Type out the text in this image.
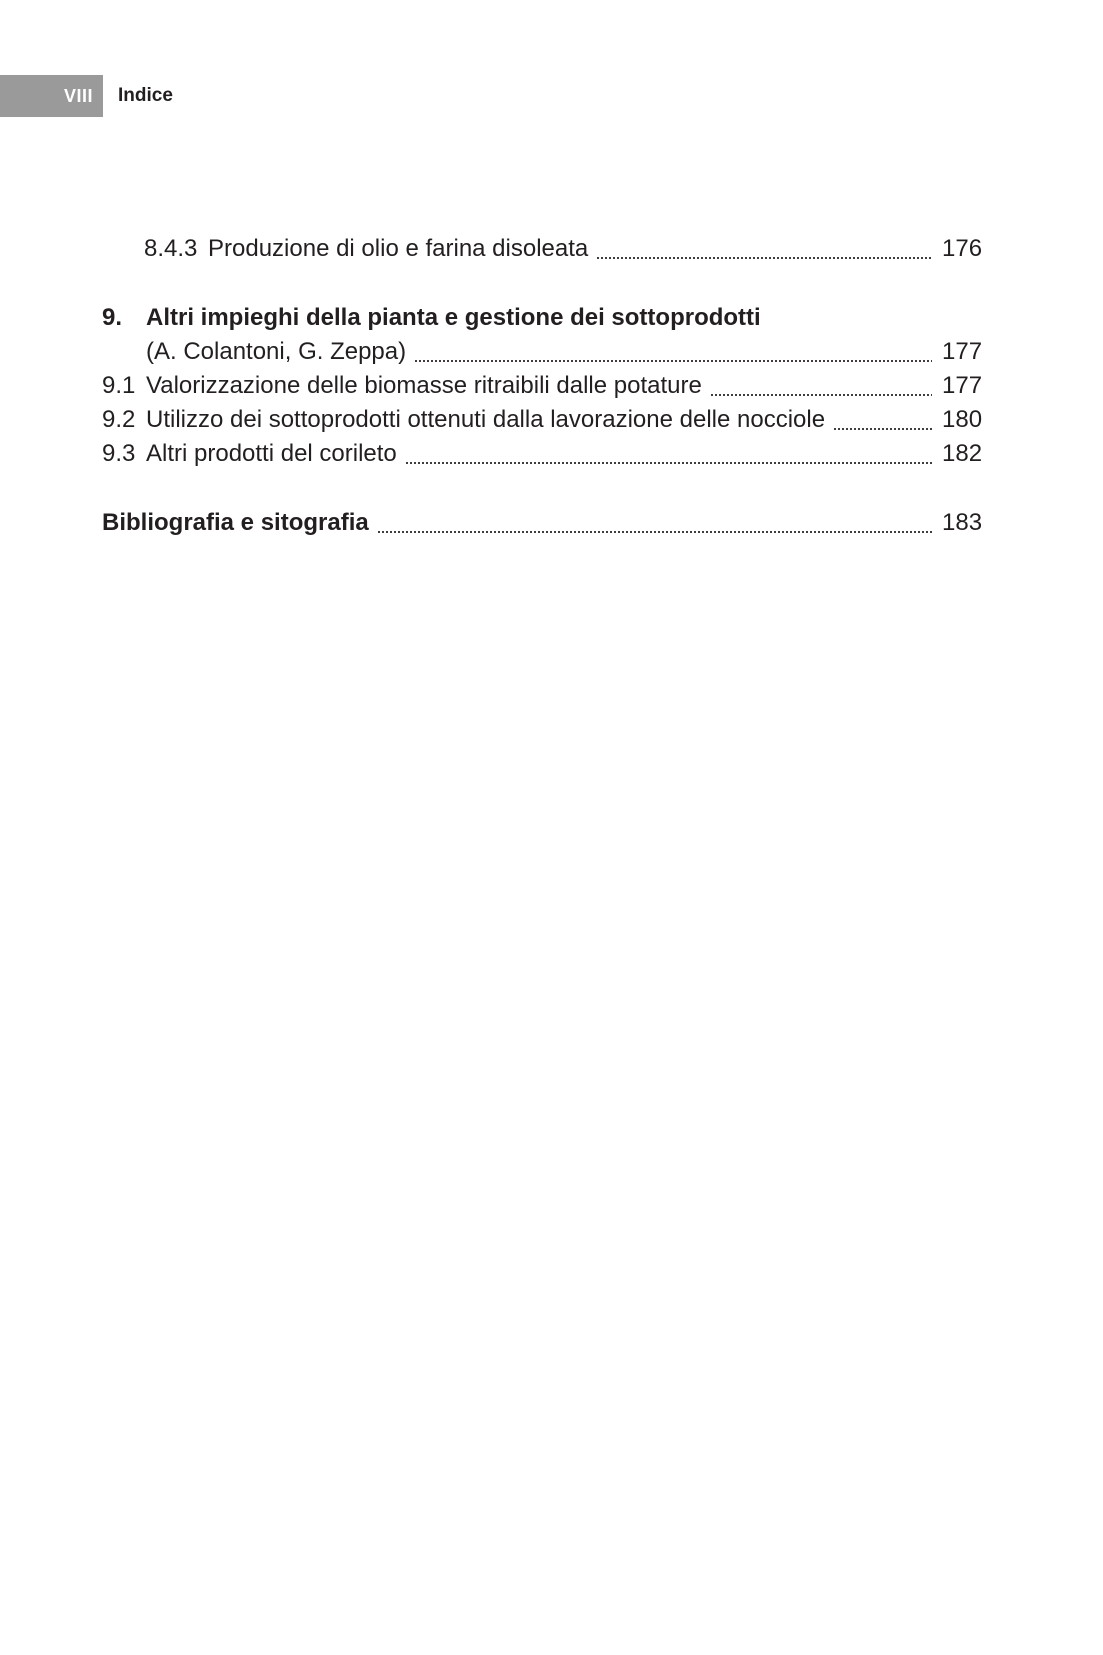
VIII	Indice
8.4.3 Produzione di olio e farina disoleata	176
9. Altri impieghi della pianta e gestione dei sottoprodotti
(A. Colantoni, G. Zeppa)	177
9.1 Valorizzazione delle biomasse ritraibili dalle potature	177
9.2 Utilizzo dei sottoprodotti ottenuti dalla lavorazione delle nocciole	180
9.3 Altri prodotti del corileto	182
Bibliografia e sitografia	183
